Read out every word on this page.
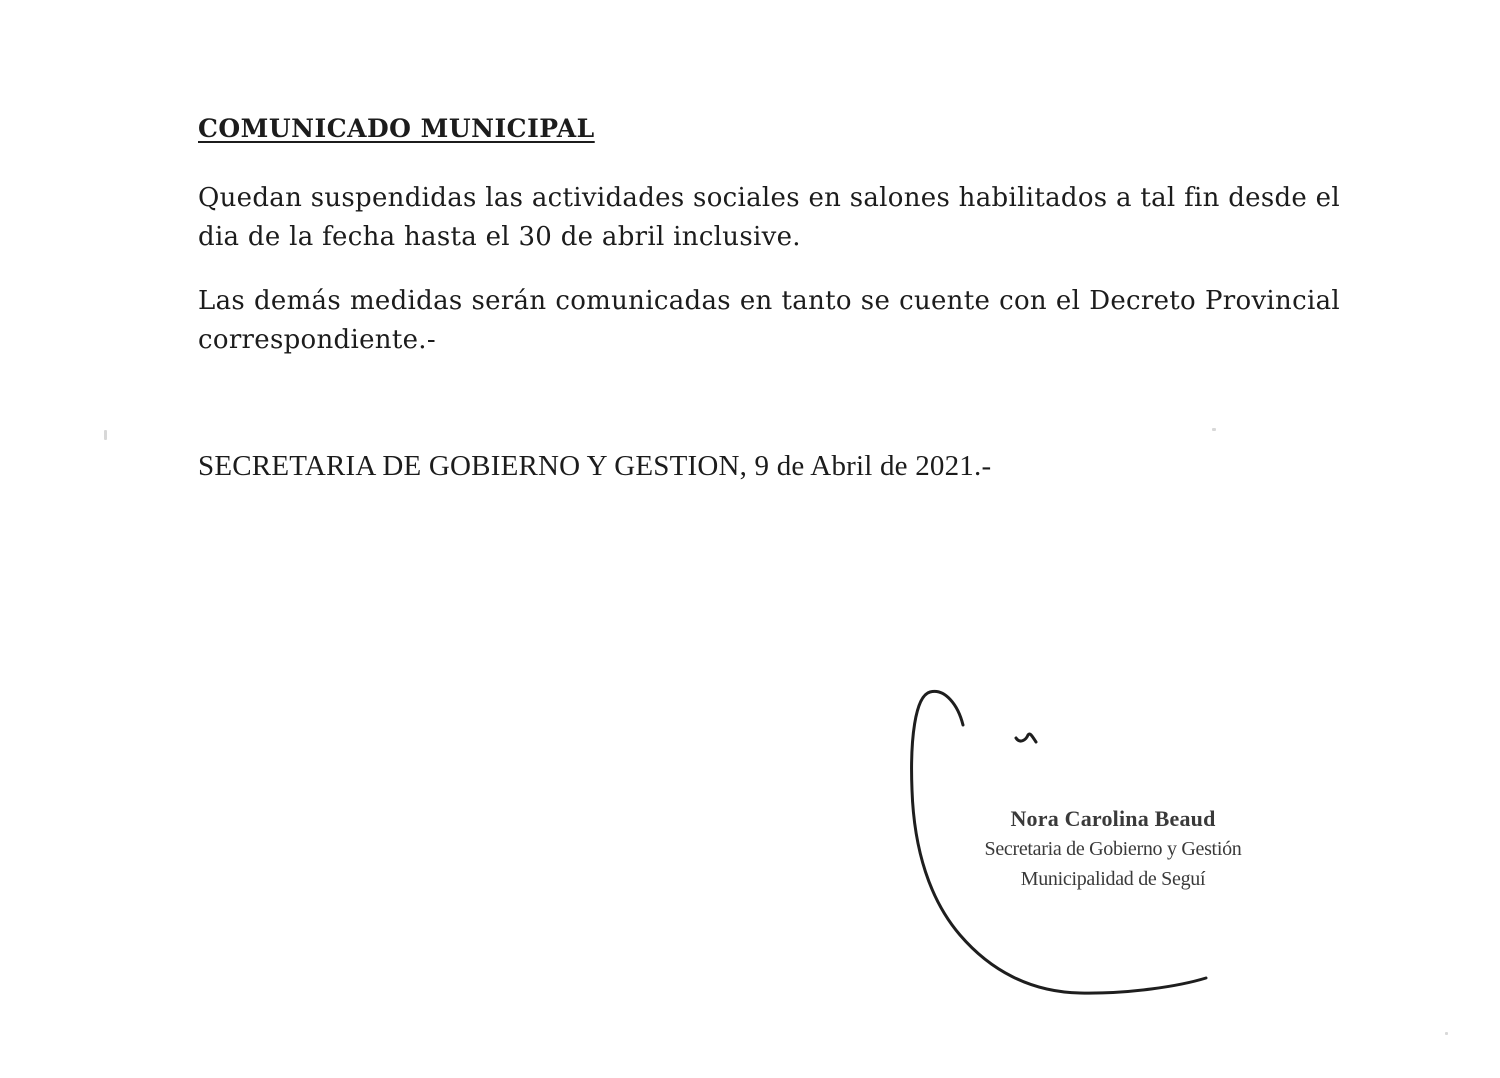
COMUNICADO MUNICIPAL

Quedan suspendidas las actividades sociales en salones habilitados a tal fin desde el dia de la fecha hasta el 30 de abril inclusive.

Las demás medidas serán comunicadas en tanto se cuente con el Decreto Provincial correspondiente.-

SECRETARIA DE GOBIERNO Y GESTION, 9 de Abril de 2021.-

Nora Carolina Beaud
Secretaria de Gobierno y Gestión
Municipalidad de Seguí
